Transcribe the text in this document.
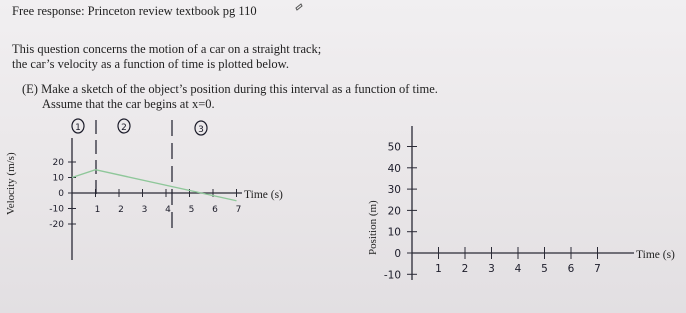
Free response: Princeton review textbook pg 110
This question concerns the motion of a car on a straight track;
the car’s velocity as a function of time is plotted below.
(E) Make a sketch of the object’s position during this interval as a function of time.
Assume that the car begins at x=0.
Velocity (m/s)	Time (s)
20
10
0
-10
-20
1 2 3 4 5 6 7
1	2	3
Position (m)	Time (s)
50
40
30
20
10
0
-10
1 2 3 4 5 6 7
